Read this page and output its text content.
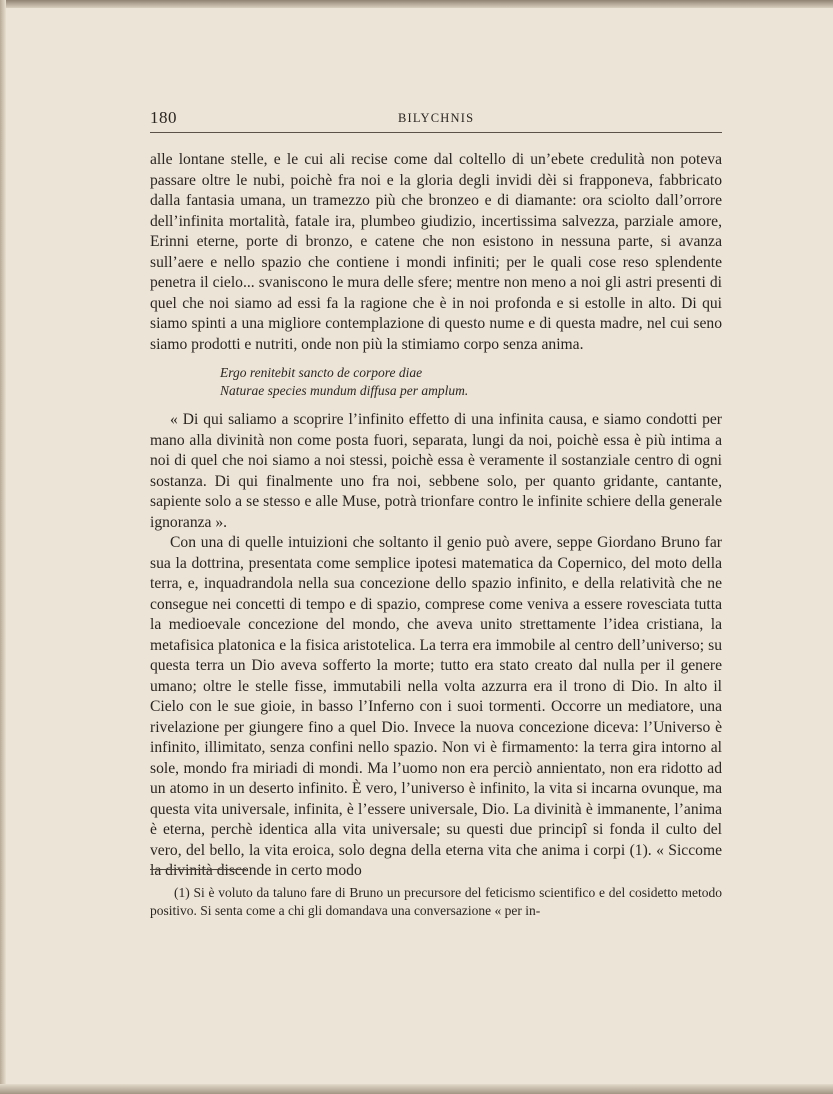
180	BILYCHNIS

alle lontane stelle, e le cui ali recise come dal coltello di un’ebete credulità non poteva passare oltre le nubi, poichè fra noi e la gloria degli invidi dèi si frapponeva, fabbricato dalla fantasia umana, un tramezzo più che bronzeo e di diamante: ora sciolto dall’orrore dell’infinita mortalità, fatale ira, plumbeo giudizio, incertissima salvezza, parziale amore, Erinni eterne, porte di bronzo, e catene che non esistono in nessuna parte, si avanza sull’aere e nello spazio che contiene i mondi infiniti; per le quali cose reso splendente penetra il cielo... svaniscono le mura delle sfere; mentre non meno a noi gli astri presenti di quel che noi siamo ad essi fa la ragione che è in noi profonda e si estolle in alto. Di qui siamo spinti a una migliore contemplazione di questo nume e di questa madre, nel cui seno siamo prodotti e nutriti, onde non più la stimiamo corpo senza anima.

Ergo renitebit sancto de corpore diae
Naturae species mundum diffusa per amplum.

« Di qui saliamo a scoprire l’infinito effetto di una infinita causa, e siamo condotti per mano alla divinità non come posta fuori, separata, lungi da noi, poichè essa è più intima a noi di quel che noi siamo a noi stessi, poichè essa è veramente il sostanziale centro di ogni sostanza. Di qui finalmente uno fra noi, sebbene solo, per quanto gridante, cantante, sapiente solo a se stesso e alle Muse, potrà trionfare contro le infinite schiere della generale ignoranza ».

Con una di quelle intuizioni che soltanto il genio può avere, seppe Giordano Bruno far sua la dottrina, presentata come semplice ipotesi matematica da Copernico, del moto della terra, e, inquadrandola nella sua concezione dello spazio infinito, e della relatività che ne consegue nei concetti di tempo e di spazio, comprese come veniva a essere rovesciata tutta la medioevale concezione del mondo, che aveva unito strettamente l’idea cristiana, la metafisica platonica e la fisica aristotelica. La terra era immobile al centro dell’universo; su questa terra un Dio aveva sofferto la morte; tutto era stato creato dal nulla per il genere umano; oltre le stelle fisse, immutabili nella volta azzurra era il trono di Dio. In alto il Cielo con le sue gioie, in basso l’Inferno con i suoi tormenti. Occorre un mediatore, una rivelazione per giungere fino a quel Dio. Invece la nuova concezione diceva: l’Universo è infinito, illimitato, senza confini nello spazio. Non vi è firmamento: la terra gira intorno al sole, mondo fra miriadi di mondi. Ma l’uomo non era perciò annientato, non era ridotto ad un atomo in un deserto infinito. È vero, l’universo è infinito, la vita si incarna ovunque, ma questa vita universale, infinita, è l’essere universale, Dio. La divinità è immanente, l’anima è eterna, perchè identica alla vita universale; su questi due principî si fonda il culto del vero, del bello, la vita eroica, solo degna della eterna vita che anima i corpi (1). « Siccome la divinità discende in certo modo

(1) Si è voluto da taluno fare di Bruno un precursore del feticismo scientifico e del cosidetto metodo positivo. Si senta come a chi gli domandava una conversazione « per in-
